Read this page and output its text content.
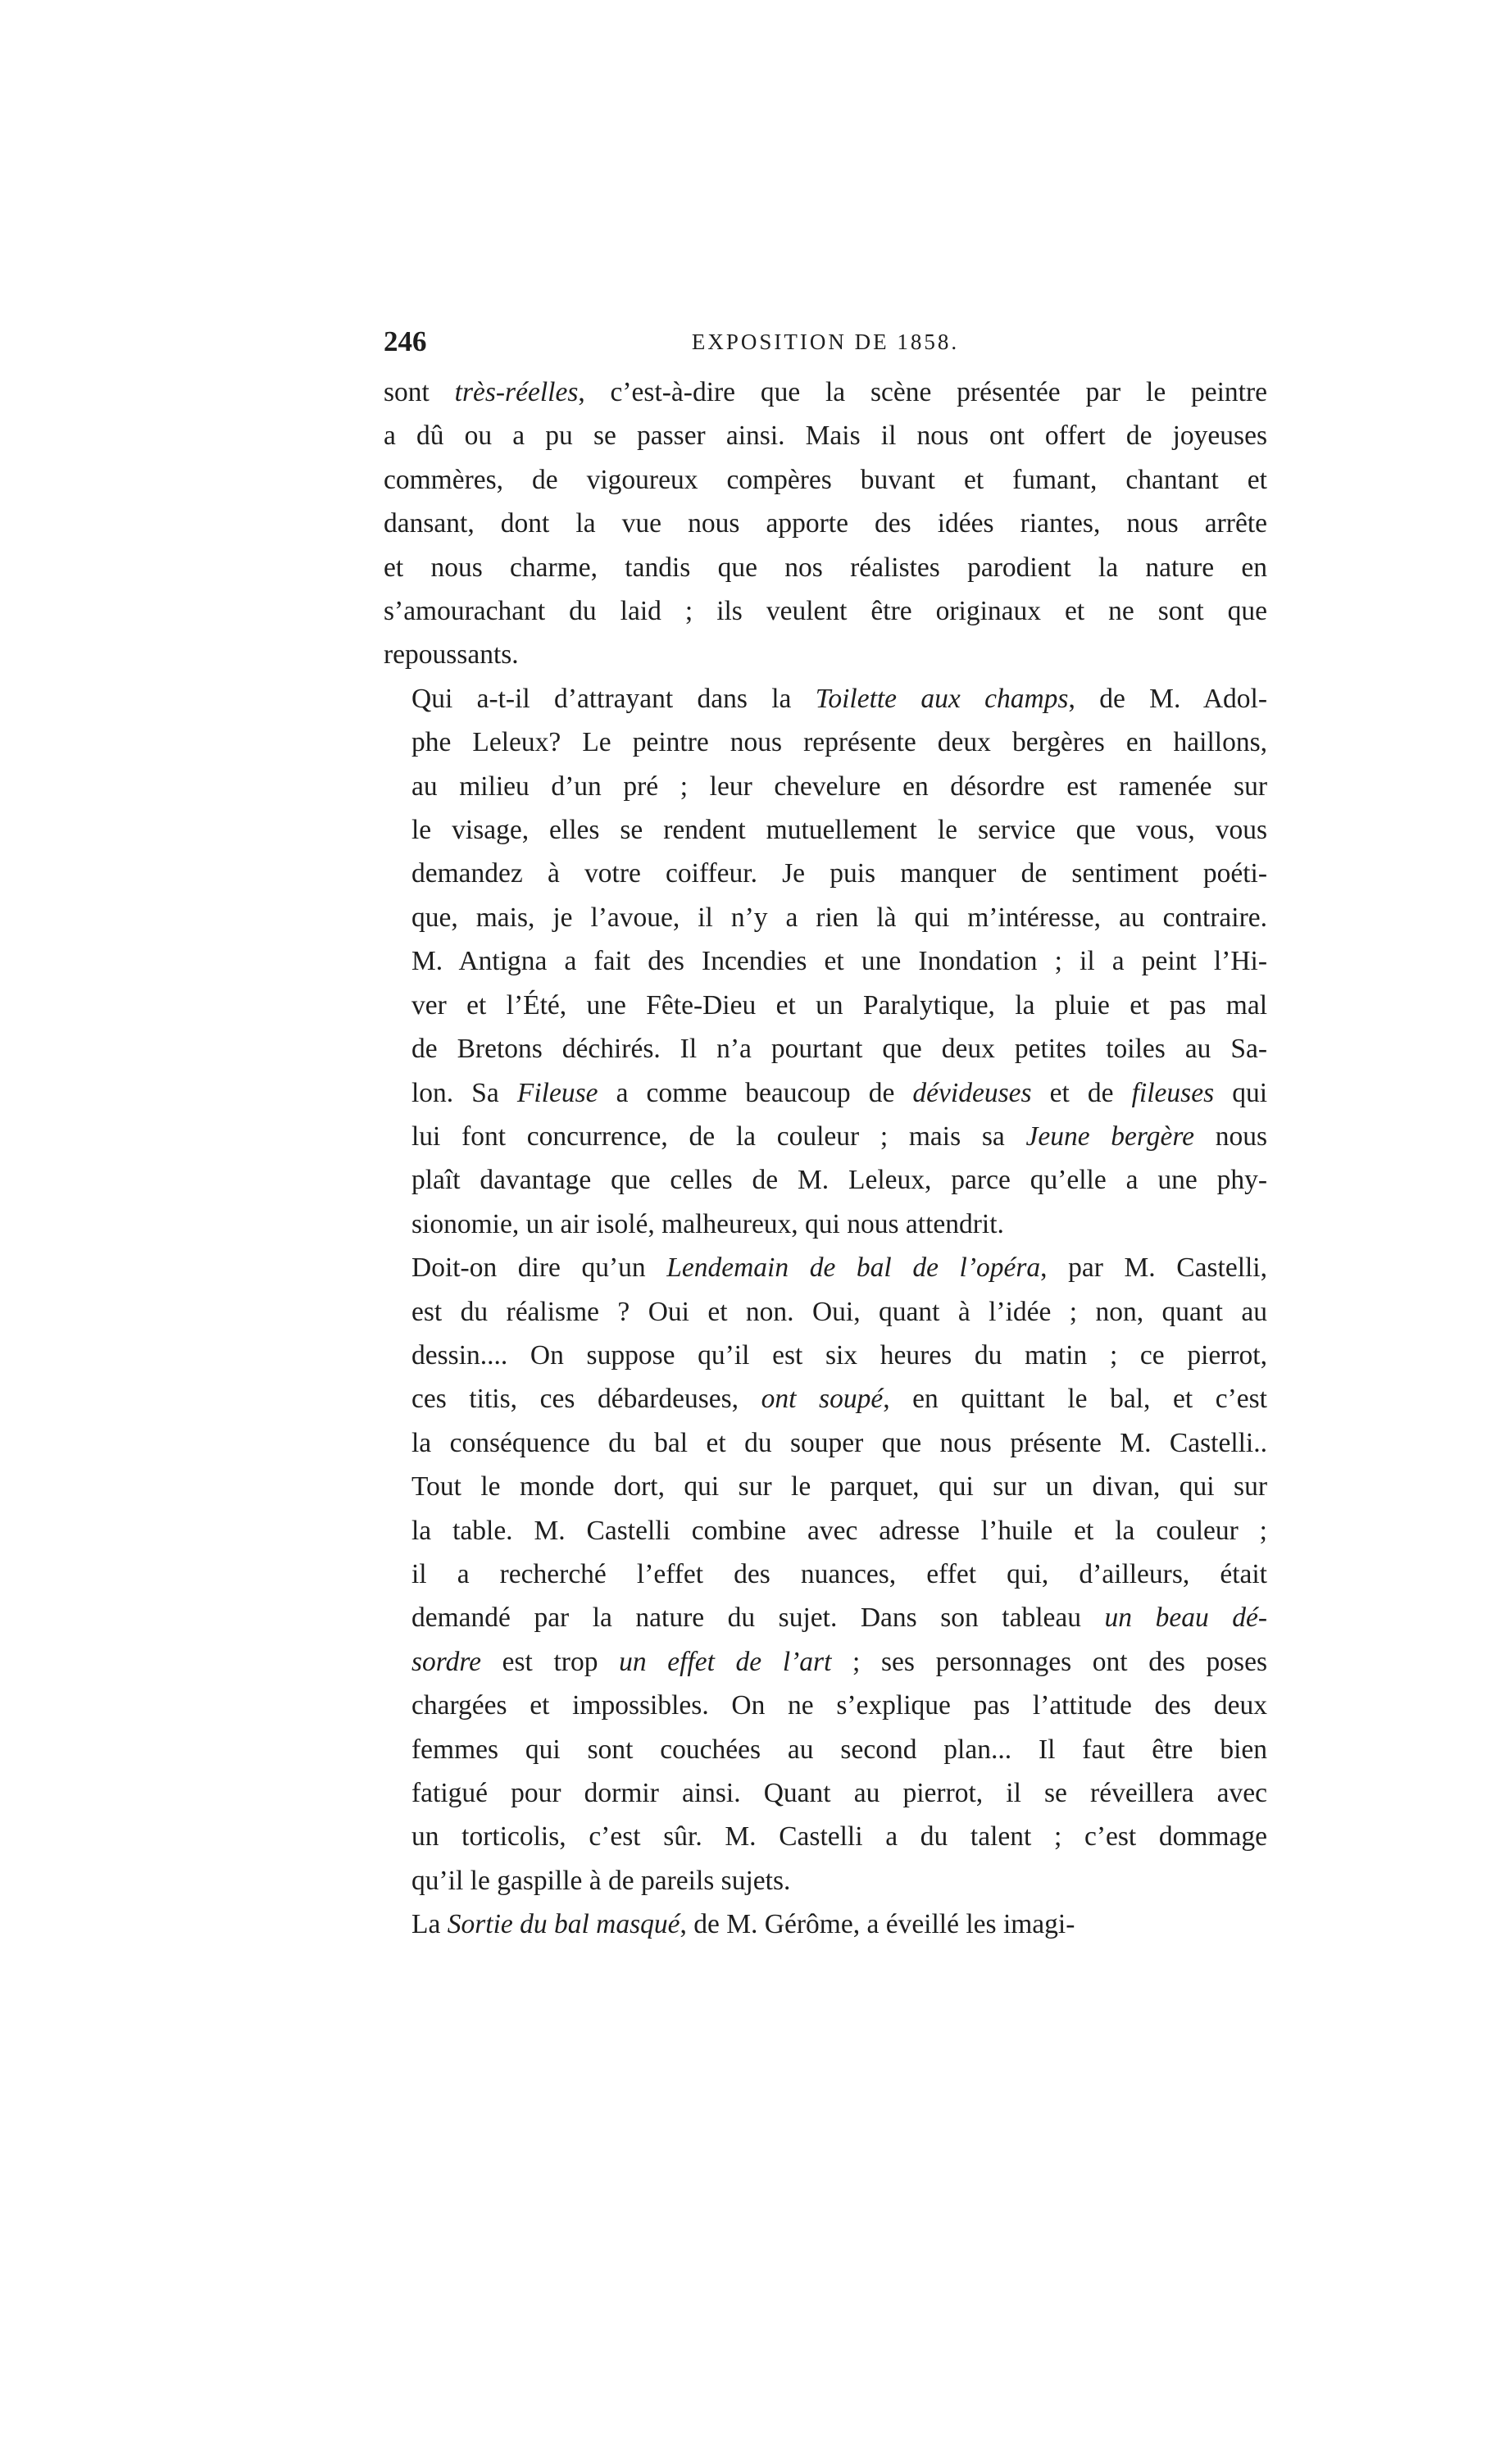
246	EXPOSITION DE 1858.
sont très-réelles, c’est-à-dire que la scène présentée par le peintre
a dû ou a pu se passer ainsi. Mais il nous ont offert de joyeuses
commères, de vigoureux compères buvant et fumant, chantant et
dansant, dont la vue nous apporte des idées riantes, nous arrête
et nous charme, tandis que nos réalistes parodient la nature en
s’amourachant du laid ; ils veulent être originaux et ne sont que
repoussants.
Qui a-t-il d’attrayant dans la Toilette aux champs, de M. Adol-
phe Leleux? Le peintre nous représente deux bergères en haillons,
au milieu d’un pré ; leur chevelure en désordre est ramenée sur
le visage, elles se rendent mutuellement le service que vous, vous
demandez à votre coiffeur. Je puis manquer de sentiment poéti-
que, mais, je l’avoue, il n’y a rien là qui m’intéresse, au contraire.
M. Antigna a fait des Incendies et une Inondation ; il a peint l’Hi-
ver et l’Été, une Fête-Dieu et un Paralytique, la pluie et pas mal
de Bretons déchirés. Il n’a pourtant que deux petites toiles au Sa-
lon. Sa Fileuse a comme beaucoup de dévideuses et de fileuses qui
lui font concurrence, de la couleur ; mais sa Jeune bergère nous
plaît davantage que celles de M. Leleux, parce qu’elle a une phy-
sionomie, un air isolé, malheureux, qui nous attendrit.
Doit-on dire qu’un Lendemain de bal de l’opéra, par M. Castelli,
est du réalisme ? Oui et non. Oui, quant à l’idée ; non, quant au
dessin.... On suppose qu’il est six heures du matin ; ce pierrot,
ces titis, ces débardeuses, ont soupé, en quittant le bal, et c’est
la conséquence du bal et du souper que nous présente M. Castelli..
Tout le monde dort, qui sur le parquet, qui sur un divan, qui sur
la table. M. Castelli combine avec adresse l’huile et la couleur ;
il a recherché l’effet des nuances, effet qui, d’ailleurs, était
demandé par la nature du sujet. Dans son tableau un beau dé-
sordre est trop un effet de l’art ; ses personnages ont des poses
chargées et impossibles. On ne s’explique pas l’attitude des deux
femmes qui sont couchées au second plan... Il faut être bien
fatigué pour dormir ainsi. Quant au pierrot, il se réveillera avec
un torticolis, c’est sûr. M. Castelli a du talent ; c’est dommage
qu’il le gaspille à de pareils sujets.
La Sortie du bal masqué, de M. Gérôme, a éveillé les imagi-
